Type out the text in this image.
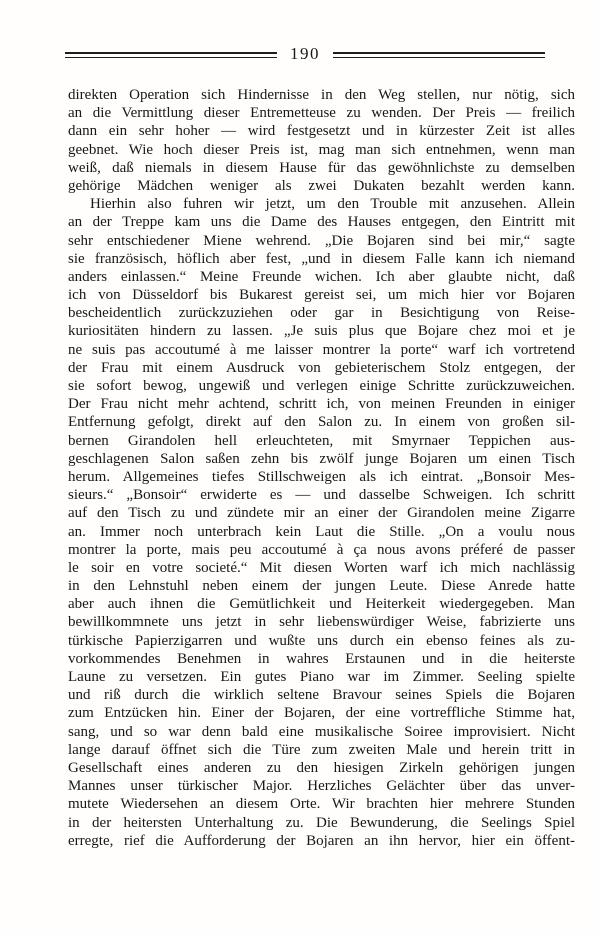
190
direkten Operation sich Hindernisse in den Weg stellen, nur nötig, sich
an die Vermittlung dieser Entremetteuse zu wenden. Der Preis — freilich
dann ein sehr hoher — wird festgesetzt und in kürzester Zeit ist alles
geebnet. Wie hoch dieser Preis ist, mag man sich entnehmen, wenn man
weiß, daß niemals in diesem Hause für das gewöhnlichste zu demselben
gehörige Mädchen weniger als zwei Dukaten bezahlt werden kann.
Hierhin also fuhren wir jetzt, um den Trouble mit anzusehen. Allein
an der Treppe kam uns die Dame des Hauses entgegen, den Eintritt mit
sehr entschiedener Miene wehrend. „Die Bojaren sind bei mir,“ sagte
sie französisch, höflich aber fest, „und in diesem Falle kann ich niemand
anders einlassen.“ Meine Freunde wichen. Ich aber glaubte nicht, daß
ich von Düsseldorf bis Bukarest gereist sei, um mich hier vor Bojaren
bescheidentlich zurückzuziehen oder gar in Besichtigung von Reise-
kuriositäten hindern zu lassen. „Je suis plus que Bojare chez moi et je
ne suis pas accoutumé à me laisser montrer la porte“ warf ich vortretend
der Frau mit einem Ausdruck von gebieterischem Stolz entgegen, der
sie sofort bewog, ungewiß und verlegen einige Schritte zurückzuweichen.
Der Frau nicht mehr achtend, schritt ich, von meinen Freunden in einiger
Entfernung gefolgt, direkt auf den Salon zu. In einem von großen sil-
bernen Girandolen hell erleuchteten, mit Smyrnaer Teppichen aus-
geschlagenen Salon saßen zehn bis zwölf junge Bojaren um einen Tisch
herum. Allgemeines tiefes Stillschweigen als ich eintrat. „Bonsoir Mes-
sieurs.“ „Bonsoir“ erwiderte es — und dasselbe Schweigen. Ich schritt
auf den Tisch zu und zündete mir an einer der Girandolen meine Zigarre
an. Immer noch unterbrach kein Laut die Stille. „On a voulu nous
montrer la porte, mais peu accoutumé à ça nous avons préferé de passer
le soir en votre societé.“ Mit diesen Worten warf ich mich nachlässig
in den Lehnstuhl neben einem der jungen Leute. Diese Anrede hatte
aber auch ihnen die Gemütlichkeit und Heiterkeit wiedergegeben. Man
bewillkommnete uns jetzt in sehr liebenswürdiger Weise, fabrizierte uns
türkische Papierzigarren und wußte uns durch ein ebenso feines als zu-
vorkommendes Benehmen in wahres Erstaunen und in die heiterste
Laune zu versetzen. Ein gutes Piano war im Zimmer. Seeling spielte
und riß durch die wirklich seltene Bravour seines Spiels die Bojaren
zum Entzücken hin. Einer der Bojaren, der eine vortreffliche Stimme hat,
sang, und so war denn bald eine musikalische Soiree improvisiert. Nicht
lange darauf öffnet sich die Türe zum zweiten Male und herein tritt in
Gesellschaft eines anderen zu den hiesigen Zirkeln gehörigen jungen
Mannes unser türkischer Major. Herzliches Gelächter über das unver-
mutete Wiedersehen an diesem Orte. Wir brachten hier mehrere Stunden
in der heitersten Unterhaltung zu. Die Bewunderung, die Seelings Spiel
erregte, rief die Aufforderung der Bojaren an ihn hervor, hier ein öffent-
